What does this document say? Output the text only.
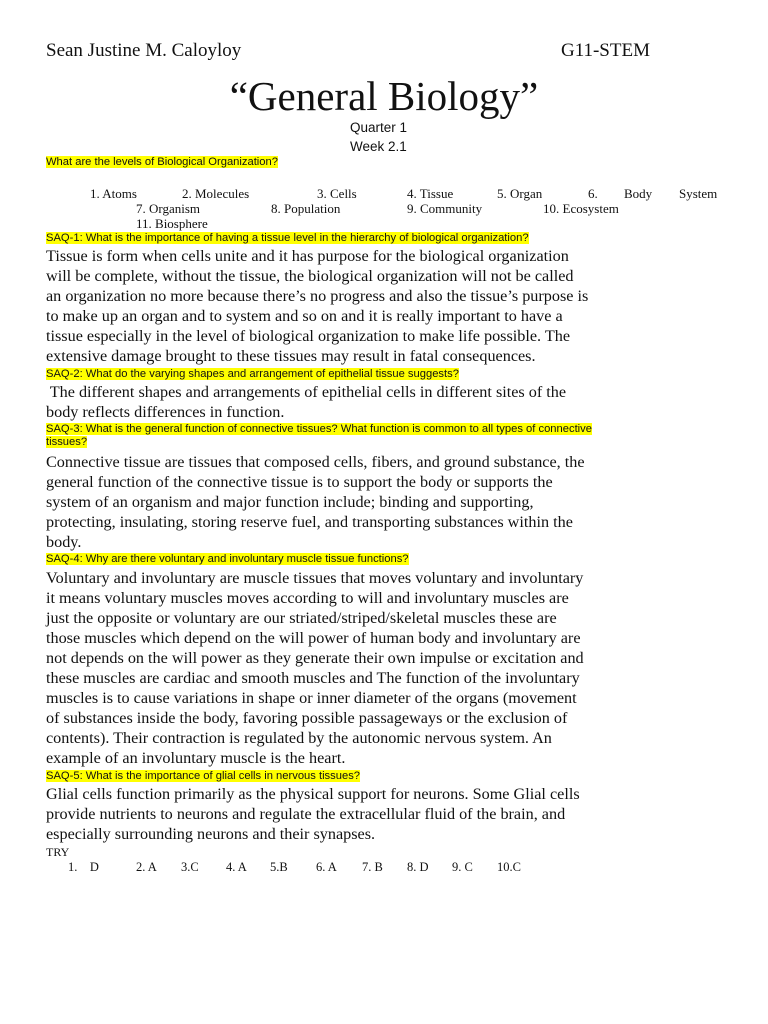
Sean Justine M. Caloyloy	G11-STEM
“General Biology”
Quarter 1
Week 2.1
What are the levels of Biological Organization?
1. Atoms	2. Molecules	3. Cells	4. Tissue	5. Organ	6. Body System
7. Organism	8. Population	9. Community	10. Ecosystem
11. Biosphere
SAQ-1: What is the importance of having a tissue level in the hierarchy of biological organization?
Tissue is form when cells unite and it has purpose for the biological organization
will be complete, without the tissue, the biological organization will not be called
an organization no more because there’s no progress and also the tissue’s purpose is
to make up an organ and to system and so on and it is really important to have a
tissue especially in the level of biological organization to make life possible. The
extensive damage brought to these tissues may result in fatal consequences.
SAQ-2: What do the varying shapes and arrangement of epithelial tissue suggests?
The different shapes and arrangements of epithelial cells in different sites of the
body reflects differences in function.
SAQ-3: What is the general function of connective tissues? What function is common to all types of connective
tissues?
Connective tissue are tissues that composed cells, fibers, and ground substance, the
general function of the connective tissue is to support the body or supports the
system of an organism and major function include; binding and supporting,
protecting, insulating, storing reserve fuel, and transporting substances within the
body.
SAQ-4: Why are there voluntary and involuntary muscle tissue functions?
Voluntary and involuntary are muscle tissues that moves voluntary and involuntary
it means voluntary muscles moves according to will and involuntary muscles are
just the opposite or voluntary are our striated/striped/skeletal muscles these are
those muscles which depend on the will power of human body and involuntary are
not depends on the will power as they generate their own impulse or excitation and
these muscles are cardiac and smooth muscles and The function of the involuntary
muscles is to cause variations in shape or inner diameter of the organs (movement
of substances inside the body, favoring possible passageways or the exclusion of
contents). Their contraction is regulated by the autonomic nervous system. An
example of an involuntary muscle is the heart.
SAQ-5: What is the importance of glial cells in nervous tissues?
Glial cells function primarily as the physical support for neurons. Some Glial cells
provide nutrients to neurons and regulate the extracellular fluid of the brain, and
especially surrounding neurons and their synapses.
TRY
1.    D	2. A 3.C 4. A 5.B 6. A 7. B 8. D 9. C 10.C
